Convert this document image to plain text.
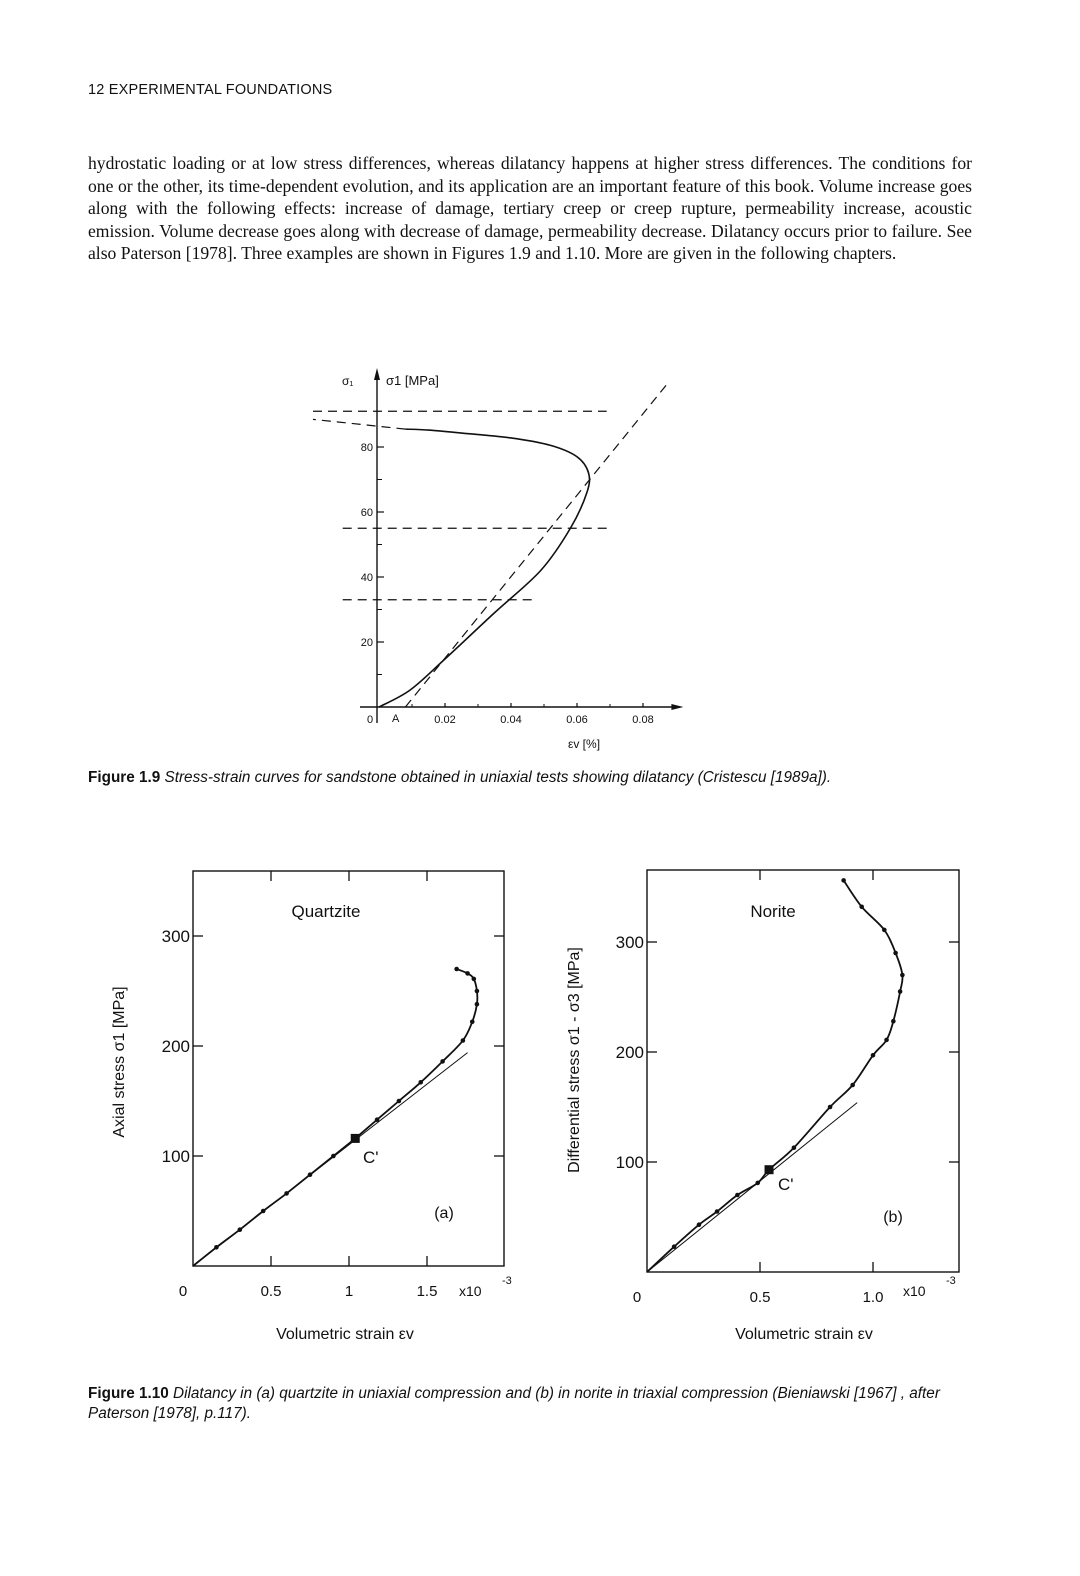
12 EXPERIMENTAL FOUNDATIONS

hydrostatic loading or at low stress differences, whereas dilatancy happens at higher stress differences. The conditions for one or the other, its time-dependent evolution, and its application are an important feature of this book. Volume increase goes along with the following effects: increase of damage, tertiary creep or creep rupture, permeability increase, acoustic emission. Volume decrease goes along with decrease of damage, permeability decrease. Dilatancy occurs prior to failure. See also Paterson [1978]. Three examples are shown in Figures 1.9 and 1.10. More are given in the following chapters.

σ₁	σ1 [MPa]
20
40
60
80
0	0.02	0.04	0.06	0.08
εv [%]
A
Quartzite
(a)
C'
x10
-3
Volumetric strain εv
Axial stress σ1 [MPa]
100
200
300
0	0.5	1	1.5
Norite
(b)
C'
x10
-3
Volumetric strain εv
Differential stress σ1 - σ3 [MPa] 100
200
300
0	0.5	1.0
Figure 1.9 Stress-strain curves for sandstone obtained in uniaxial tests showing dilatancy (Cristescu [1989a]).
Figure 1.10 Dilatancy in (a) quartzite in uniaxial compression and (b) in norite in triaxial compression (Bieniawski [1967] , after Paterson [1978], p.117).
